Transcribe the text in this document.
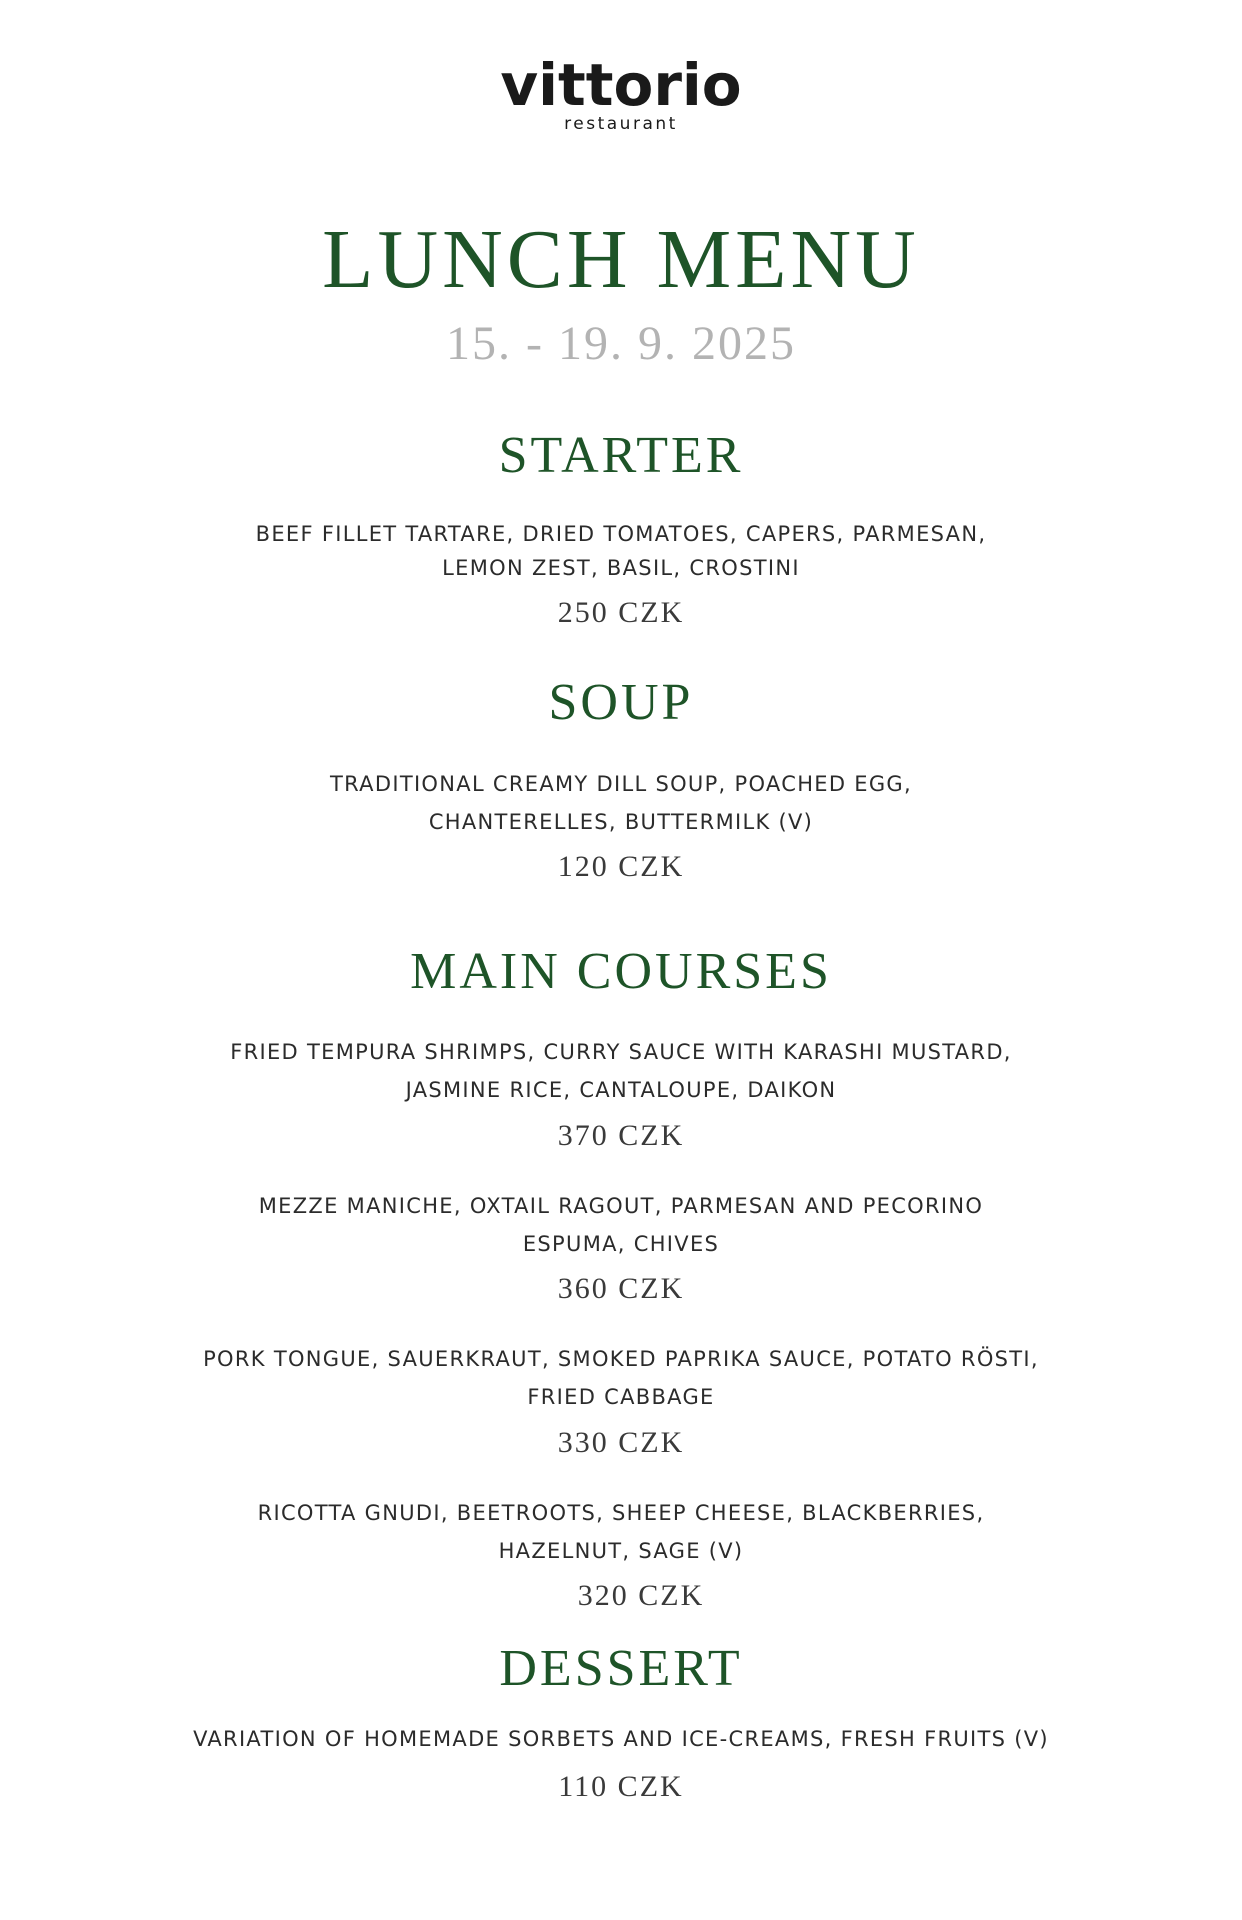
vittorio
restaurant
LUNCH MENU
15. - 19. 9. 2025
STARTER
BEEF FILLET TARTARE, DRIED TOMATOES, CAPERS, PARMESAN,
LEMON ZEST, BASIL, CROSTINI
250 CZK
SOUP
TRADITIONAL CREAMY DILL SOUP, POACHED EGG,
CHANTERELLES, BUTTERMILK (V)
120 CZK
MAIN COURSES
FRIED TEMPURA SHRIMPS, CURRY SAUCE WITH KARASHI MUSTARD,
JASMINE RICE, CANTALOUPE, DAIKON
370 CZK
MEZZE MANICHE, OXTAIL RAGOUT, PARMESAN AND PECORINO
ESPUMA, CHIVES
360 CZK
PORK TONGUE, SAUERKRAUT, SMOKED PAPRIKA SAUCE, POTATO RÖSTI,
FRIED CABBAGE
330 CZK
RICOTTA GNUDI, BEETROOTS, SHEEP CHEESE, BLACKBERRIES,
HAZELNUT, SAGE (V)
320 CZK
DESSERT
VARIATION OF HOMEMADE SORBETS AND ICE-CREAMS, FRESH FRUITS (V)
110 CZK
